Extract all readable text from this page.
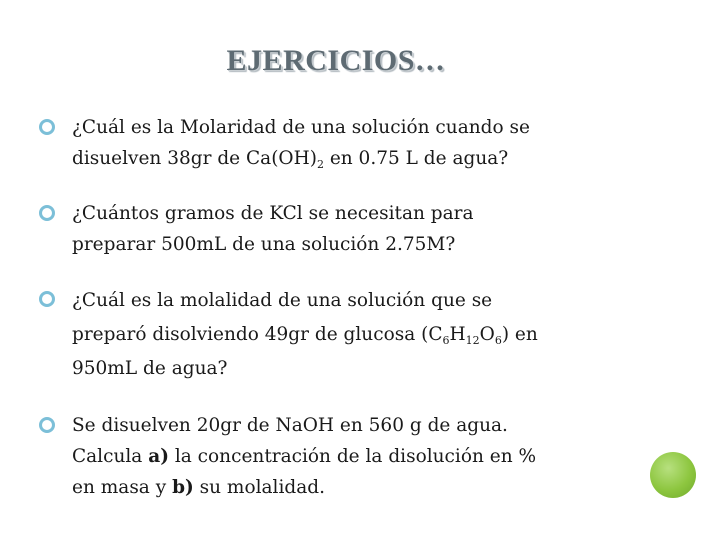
EJERCICIOS…
¿Cuál es la Molaridad de una solución cuando se
disuelven 38gr de $Ca(OH)_2$ en 0.75 L de agua?
¿Cuántos gramos de KCl se necesitan para
preparar 500mL de una solución 2.75M?
¿Cuál es la molalidad de una solución que se
preparó disolviendo 49gr de glucosa $(C_6H_{12}O_6)$ en
950mL de agua?
Se disuelven 20gr de NaOH en 560 g de agua.
Calcula a) la concentración de la disolución en %
en masa y b) su molalidad.
